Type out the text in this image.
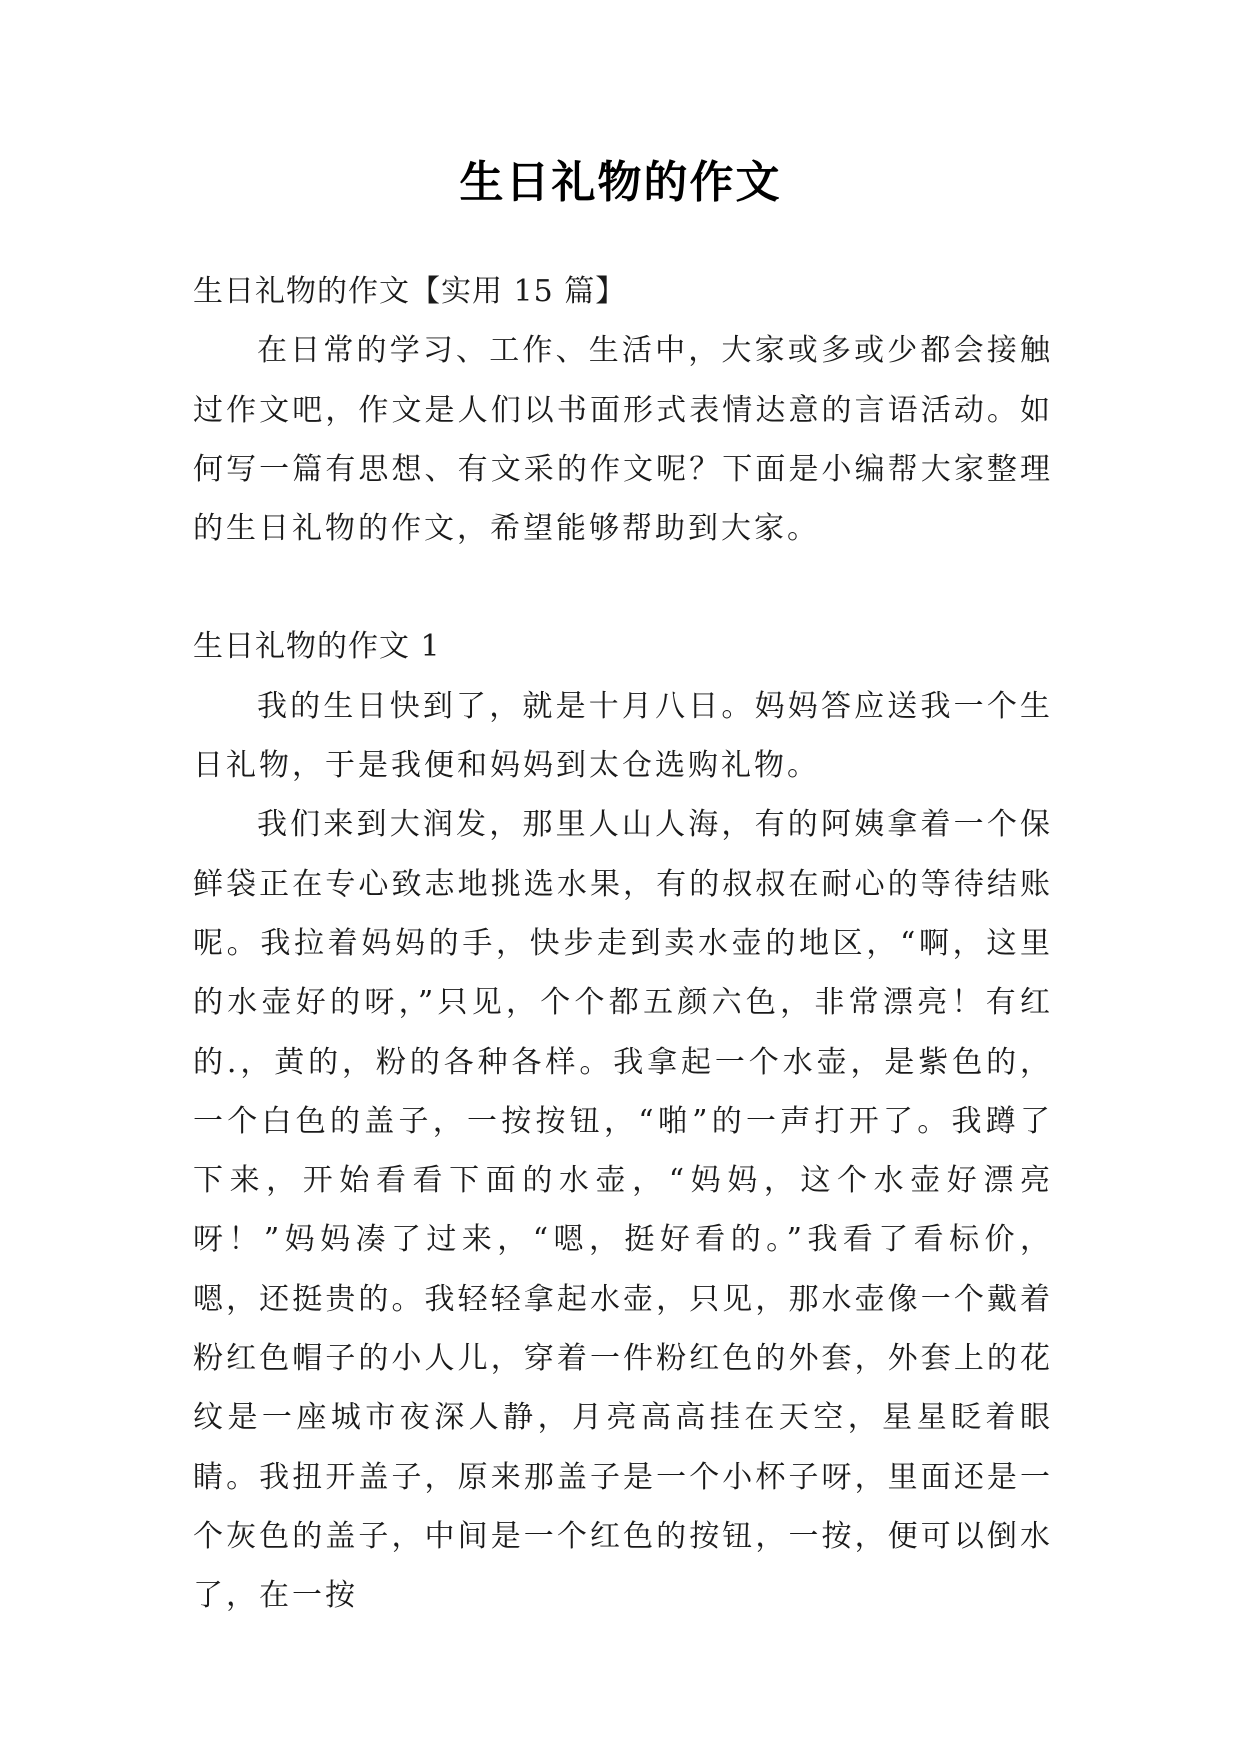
生日礼物的作文

生日礼物的作文【实用 15 篇】

在日常的学习、工作、生活中，大家或多或少都会接触过作文吧，作文是人们以书面形式表情达意的言语活动。如何写一篇有思想、有文采的作文呢？下面是小编帮大家整理的生日礼物的作文，希望能够帮助到大家。

生日礼物的作文 1

我的生日快到了，就是十月八日。妈妈答应送我一个生日礼物，于是我便和妈妈到太仓选购礼物。

我们来到大润发，那里人山人海，有的阿姨拿着一个保鲜袋正在专心致志地挑选水果，有的叔叔在耐心的等待结账呢。我拉着妈妈的手，快步走到卖水壶的地区，“啊，这里的水壶好的呀，”只见，个个都五颜六色，非常漂亮！有红的.，黄的，粉的各种各样。我拿起一个水壶，是紫色的，一个白色的盖子，一按按钮，“啪”的一声打开了。我蹲了下来，开始看看下面的水壶，“妈妈，这个水壶好漂亮呀！”妈妈凑了过来，“嗯，挺好看的。”我看了看标价，嗯，还挺贵的。我轻轻拿起水壶，只见，那水壶像一个戴着粉红色帽子的小人儿，穿着一件粉红色的外套，外套上的花纹是一座城市夜深人静，月亮高高挂在天空，星星眨着眼睛。我扭开盖子，原来那盖子是一个小杯子呀，里面还是一个灰色的盖子，中间是一个红色的按钮，一按，便可以倒水了，在一按
